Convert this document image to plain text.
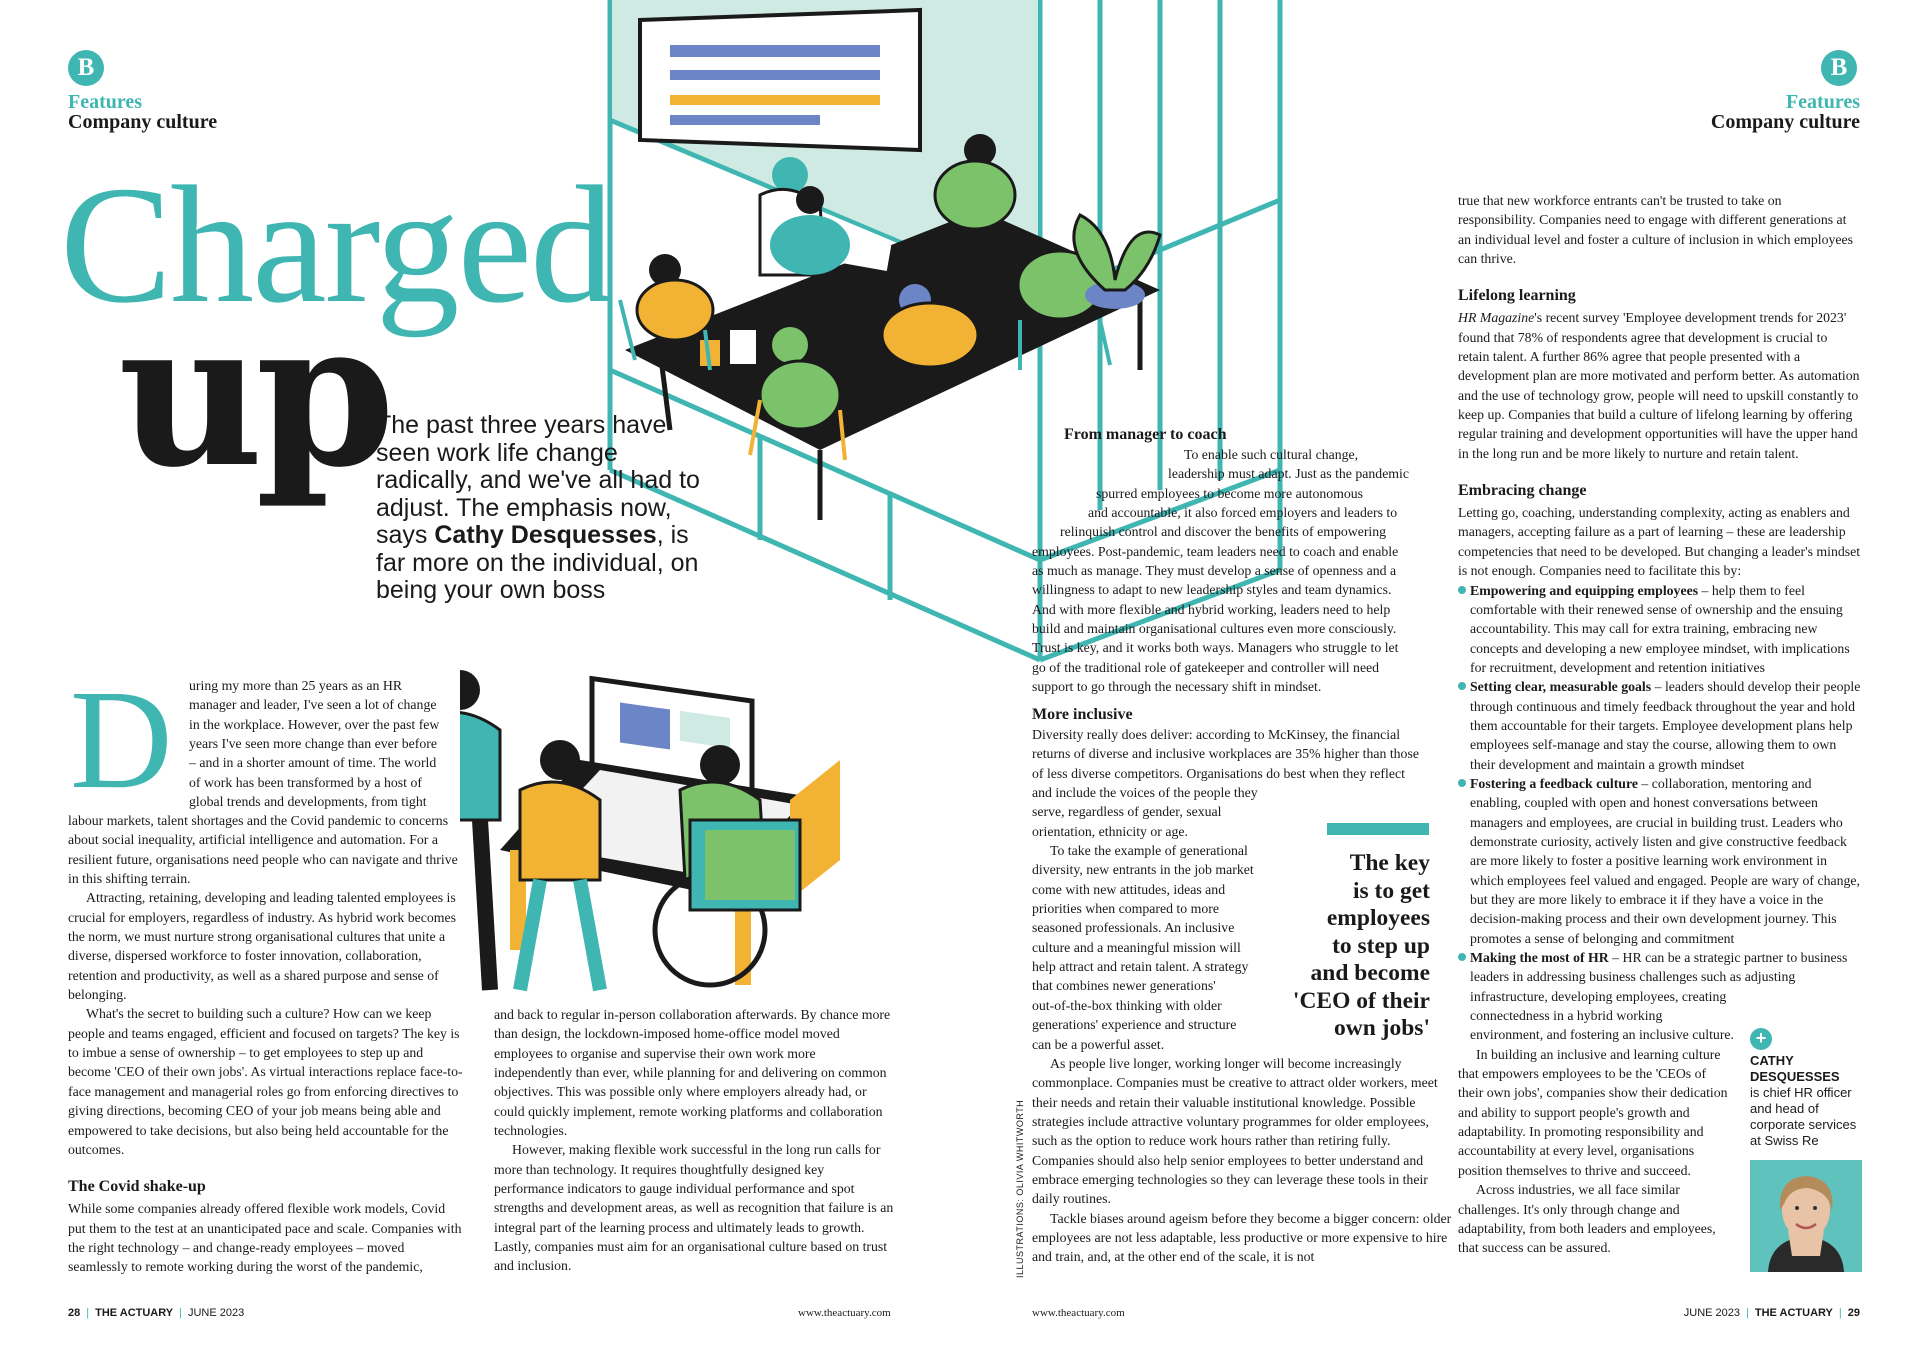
B
Features
Company culture
Charged
up
The past three years have seen work life change radically, and we've all had to adjust. The emphasis now, says Cathy Desquesses, is far more on the individual, on being your own boss
D uring my more than 25 years as an HR
manager and leader, I've seen a lot of change
in the workplace. However, over the past few
years I've seen more change than ever before
– and in a shorter amount of time. The world
of work has been transformed by a host of
global trends and developments, from tight

labour markets, talent shortages and the Covid pandemic to concerns about social inequality, artificial intelligence and automation. For a resilient future, organisations need people who can navigate and thrive in this shifting terrain.

Attracting, retaining, developing and leading talented employees is crucial for employers, regardless of industry. As hybrid work becomes the norm, we must nurture strong organisational cultures that unite a diverse, dispersed workforce to foster innovation, collaboration, retention and productivity, as well as a shared purpose and sense of belonging.

What's the secret to building such a culture? How can we keep people and teams engaged, efficient and focused on targets? The key is to imbue a sense of ownership – to get employees to step up and become 'CEO of their own jobs'. As virtual interactions replace face-to-face management and managerial roles go from enforcing directives to giving directions, becoming CEO of your job means being able and empowered to take decisions, but also being held accountable for the outcomes.

The Covid shake-up

While some companies already offered flexible work models, Covid put them to the test at an unanticipated pace and scale. Companies with the right technology – and change-ready employees – moved seamlessly to remote working during the worst of the pandemic,

and back to regular in-person collaboration afterwards. By chance more than design, the lockdown-imposed home-office model moved employees to organise and supervise their own work more independently than ever, while planning for and delivering on common objectives. This was possible only where employers already had, or could quickly implement, remote working platforms and collaboration technologies.

However, making flexible work successful in the long run calls for more than technology. It requires thoughtfully designed key performance indicators to gauge individual performance and spot strengths and development areas, as well as recognition that failure is an integral part of the learning process and ultimately leads to growth. Lastly, companies must aim for an organisational culture based on trust and inclusion.

28 | THE ACTUARY | JUNE 2023	www.theactuary.com
B
Features
Company culture
From manager to coach
To enable such cultural change,
leadership must adapt. Just as the pandemic
spurred employees to become more autonomous
and accountable, it also forced employers and leaders to
relinquish control and discover the benefits of empowering

employees. Post-pandemic, team leaders need to coach and enable as much as manage. They must develop a sense of openness and a willingness to adapt to new leadership styles and team dynamics. And with more flexible and hybrid working, leaders need to help build and maintain organisational cultures even more consciously. Trust is key, and it works both ways. Managers who struggle to let go of the traditional role of gatekeeper and controller will need support to go through the necessary shift in mindset.

More inclusive
Diversity really does deliver: according to McKinsey, the financial
returns of diverse and inclusive workplaces are 35% higher than those
of less diverse competitors. Organisations do best when they reflect
and include the voices of the people they
serve, regardless of gender, sexual
orientation, ethnicity or age.
To take the example of generational
diversity, new entrants in the job market
come with new attitudes, ideas and
priorities when compared to more
seasoned professionals. An inclusive
culture and a meaningful mission will
help attract and retain talent. A strategy
that combines newer generations'
out-of-the-box thinking with older
generations' experience and structure
can be a powerful asset.

As people live longer, working longer will become increasingly commonplace. Companies must be creative to attract older workers, meet their needs and retain their valuable institutional knowledge. Possible strategies include attractive voluntary programmes for older employees, such as the option to reduce work hours rather than retiring fully. Companies should also help senior employees to better understand and embrace emerging technologies so they can leverage these tools in their daily routines.

Tackle biases around ageism before they become a bigger concern: older employees are not less adaptable, less productive or more expensive to hire and train, and, at the other end of the scale, it is not

The key
is to get
employees
to step up
and become
'CEO of their
own jobs'
ILLUSTRATIONS: OLIVIA WHITWORTH

true that new workforce entrants can't be trusted to take on responsibility. Companies need to engage with different generations at an individual level and foster a culture of inclusion in which employees can thrive.

Lifelong learning

HR Magazine's recent survey 'Employee development trends for 2023' found that 78% of respondents agree that development is crucial to retain talent. A further 86% agree that people presented with a development plan are more motivated and perform better. As automation and the use of technology grow, people will need to upskill constantly to keep up. Companies that build a culture of lifelong learning by offering regular training and development opportunities will have the upper hand in the long run and be more likely to nurture and retain talent.

Embracing change

Letting go, coaching, understanding complexity, acting as enablers and managers, accepting failure as a part of learning – these are leadership competencies that need to be developed. But changing a leader's mindset is not enough. Companies need to facilitate this by:

Empowering and equipping employees – help them to feel comfortable with their renewed sense of ownership and the ensuing accountability. This may call for extra training, embracing new concepts and developing a new employee mindset, with implications for recruitment, development and retention initiatives
Setting clear, measurable goals – leaders should develop their people through continuous and timely feedback throughout the year and hold them accountable for their targets. Employee development plans help employees self-manage and stay the course, allowing them to own their development and maintain a growth mindset
Fostering a feedback culture – collaboration, mentoring and enabling, coupled with open and honest conversations between managers and employees, are crucial in building trust. Leaders who demonstrate curiosity, actively listen and give constructive feedback are more likely to foster a positive learning work environment in which employees feel valued and engaged. People are wary of change, but they are more likely to embrace it if they have a voice in the decision-making process and their own development journey. This promotes a sense of belonging and commitment
Making the most of HR – HR can be a strategic partner to business
leaders in addressing business challenges such as adjusting
infrastructure, developing employees, creating
connectedness in a hybrid working
environment, and fostering an inclusive culture.
In building an inclusive and learning culture
that empowers employees to be the 'CEOs of
their own jobs', companies show their dedication
and ability to support people's growth and
adaptability. In promoting responsibility and
accountability at every level, organisations
position themselves to thrive and succeed.
Across industries, we all face similar
challenges. It's only through change and
adaptability, from both leaders and employees,
that success can be assured.
+
CATHY
DESQUESSES
is chief HR officer and head of corporate services at Swiss Re
www.theactuary.com	JUNE 2023 | THE ACTUARY | 29
